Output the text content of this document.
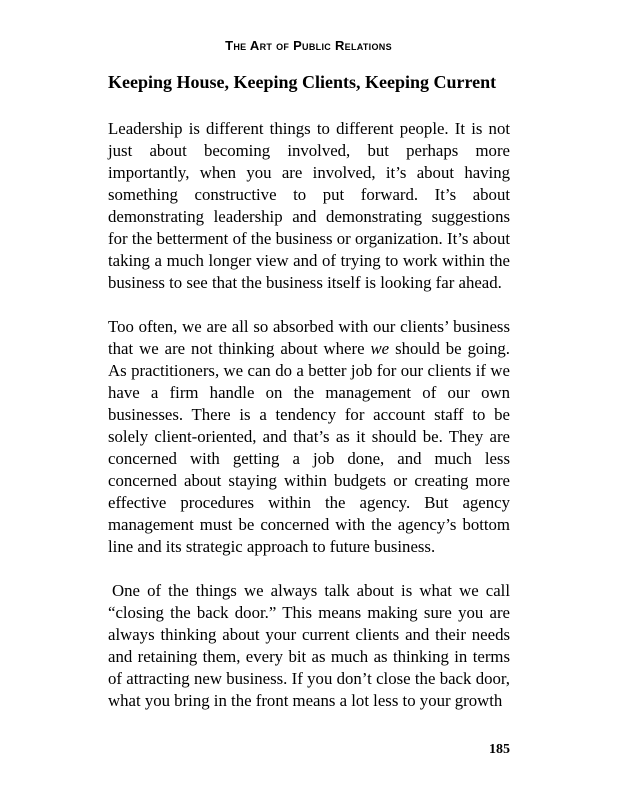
The Art of Public Relations
Keeping House, Keeping Clients, Keeping Current

Leadership is different things to different people. It is not just about becoming involved, but perhaps more importantly, when you are involved, it’s about having something constructive to put forward. It’s about demonstrating leadership and demonstrating suggestions for the betterment of the business or organization. It’s about taking a much longer view and of trying to work within the business to see that the business itself is looking far ahead.

Too often, we are all so absorbed with our clients’ business that we are not thinking about where we should be going. As practitioners, we can do a better job for our clients if we have a firm handle on the management of our own businesses. There is a tendency for account staff to be solely client-oriented, and that’s as it should be. They are concerned with getting a job done, and much less concerned about staying within budgets or creating more effective procedures within the agency. But agency management must be concerned with the agency’s bottom line and its strategic approach to future business.

One of the things we always talk about is what we call “closing the back door.” This means making sure you are always thinking about your current clients and their needs and retaining them, every bit as much as thinking in terms of attracting new business. If you don’t close the back door, what you bring in the front means a lot less to your growth

185
